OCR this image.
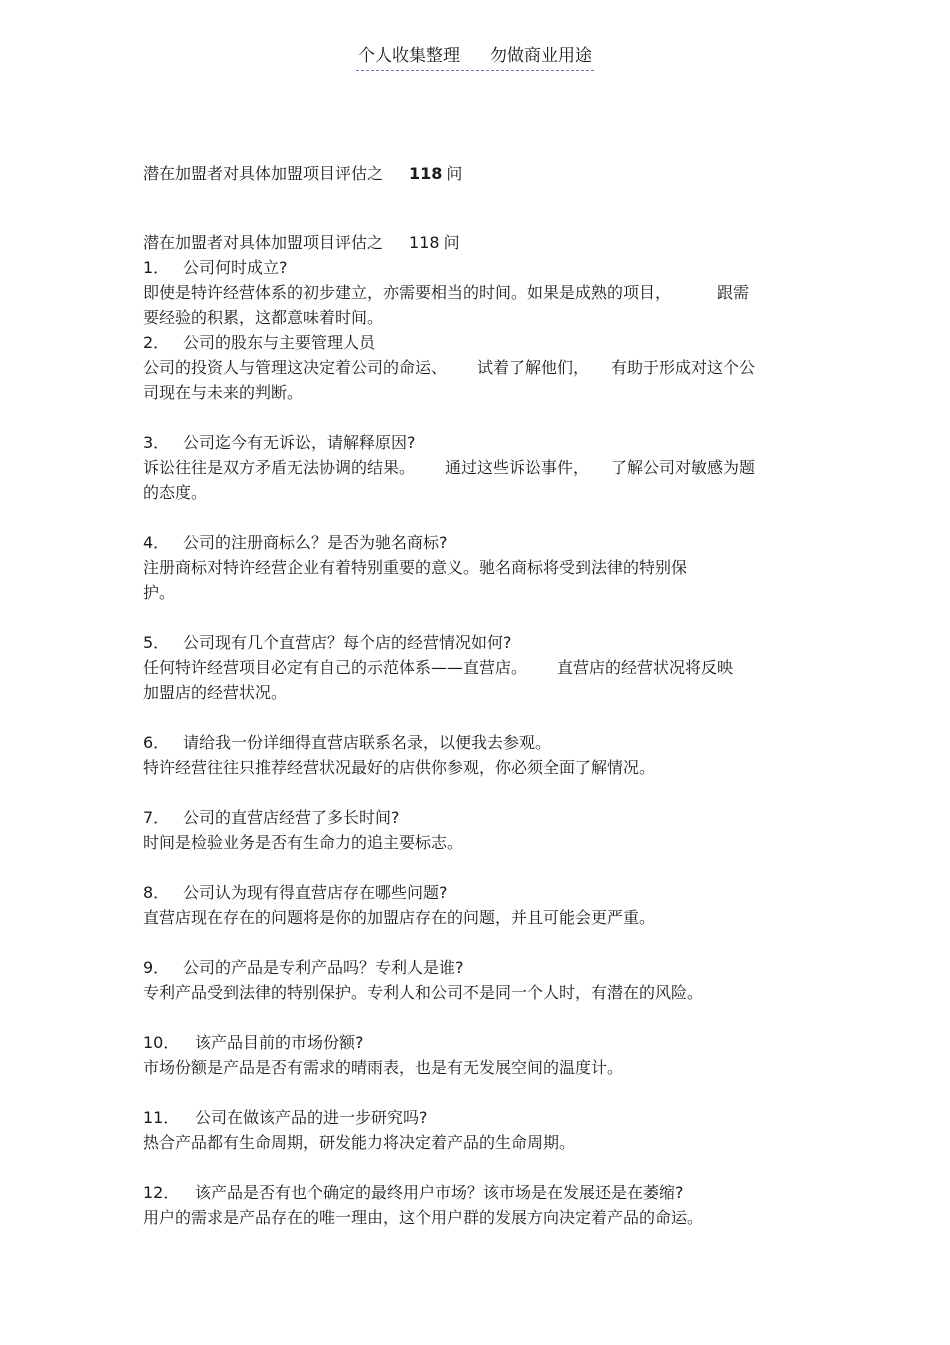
个人收集整理 勿做商业用途
潜在加盟者对具体加盟项目评估之 118 问
潜在加盟者对具体加盟项目评估之 118 问
1． 公司何时成立?
即使是特许经营体系的初步建立，亦需要相当的时间。如果是成熟的项目，	跟需
要经验的积累，这都意味着时间。
2． 公司的股东与主要管理人员
公司的投资人与管理这决定着公司的命运、 试着了解他们， 有助于形成对这个公
司现在与未来的判断。
3． 公司迄今有无诉讼，请解释原因?
诉讼往往是双方矛盾无法协调的结果。 通过这些诉讼事件， 了解公司对敏感为题
的态度。
4． 公司的注册商标么？是否为驰名商标?
注册商标对特许经营企业有着特别重要的意义。驰名商标将受到法律的特别保
护。
5． 公司现有几个直营店？每个店的经营情况如何?
任何特许经营项目必定有自己的示范体系——直营店。 直营店的经营状况将反映
加盟店的经营状况。
6． 请给我一份详细得直营店联系名录，以便我去参观。
特许经营往往只推荐经营状况最好的店供你参观，你必须全面了解情况。
7． 公司的直营店经营了多长时间?
时间是检验业务是否有生命力的追主要标志。
8． 公司认为现有得直营店存在哪些问题?
直营店现在存在的问题将是你的加盟店存在的问题，并且可能会更严重。
9． 公司的产品是专利产品吗？专利人是谁?
专利产品受到法律的特别保护。专利人和公司不是同一个人时，有潜在的风险。
10． 该产品目前的市场份额?
市场份额是产品是否有需求的晴雨表，也是有无发展空间的温度计。
11． 公司在做该产品的进一步研究吗?
热合产品都有生命周期，研发能力将决定着产品的生命周期。
12． 该产品是否有也个确定的最终用户市场？该市场是在发展还是在萎缩?
用户的需求是产品存在的唯一理由，这个用户群的发展方向决定着产品的命运。
